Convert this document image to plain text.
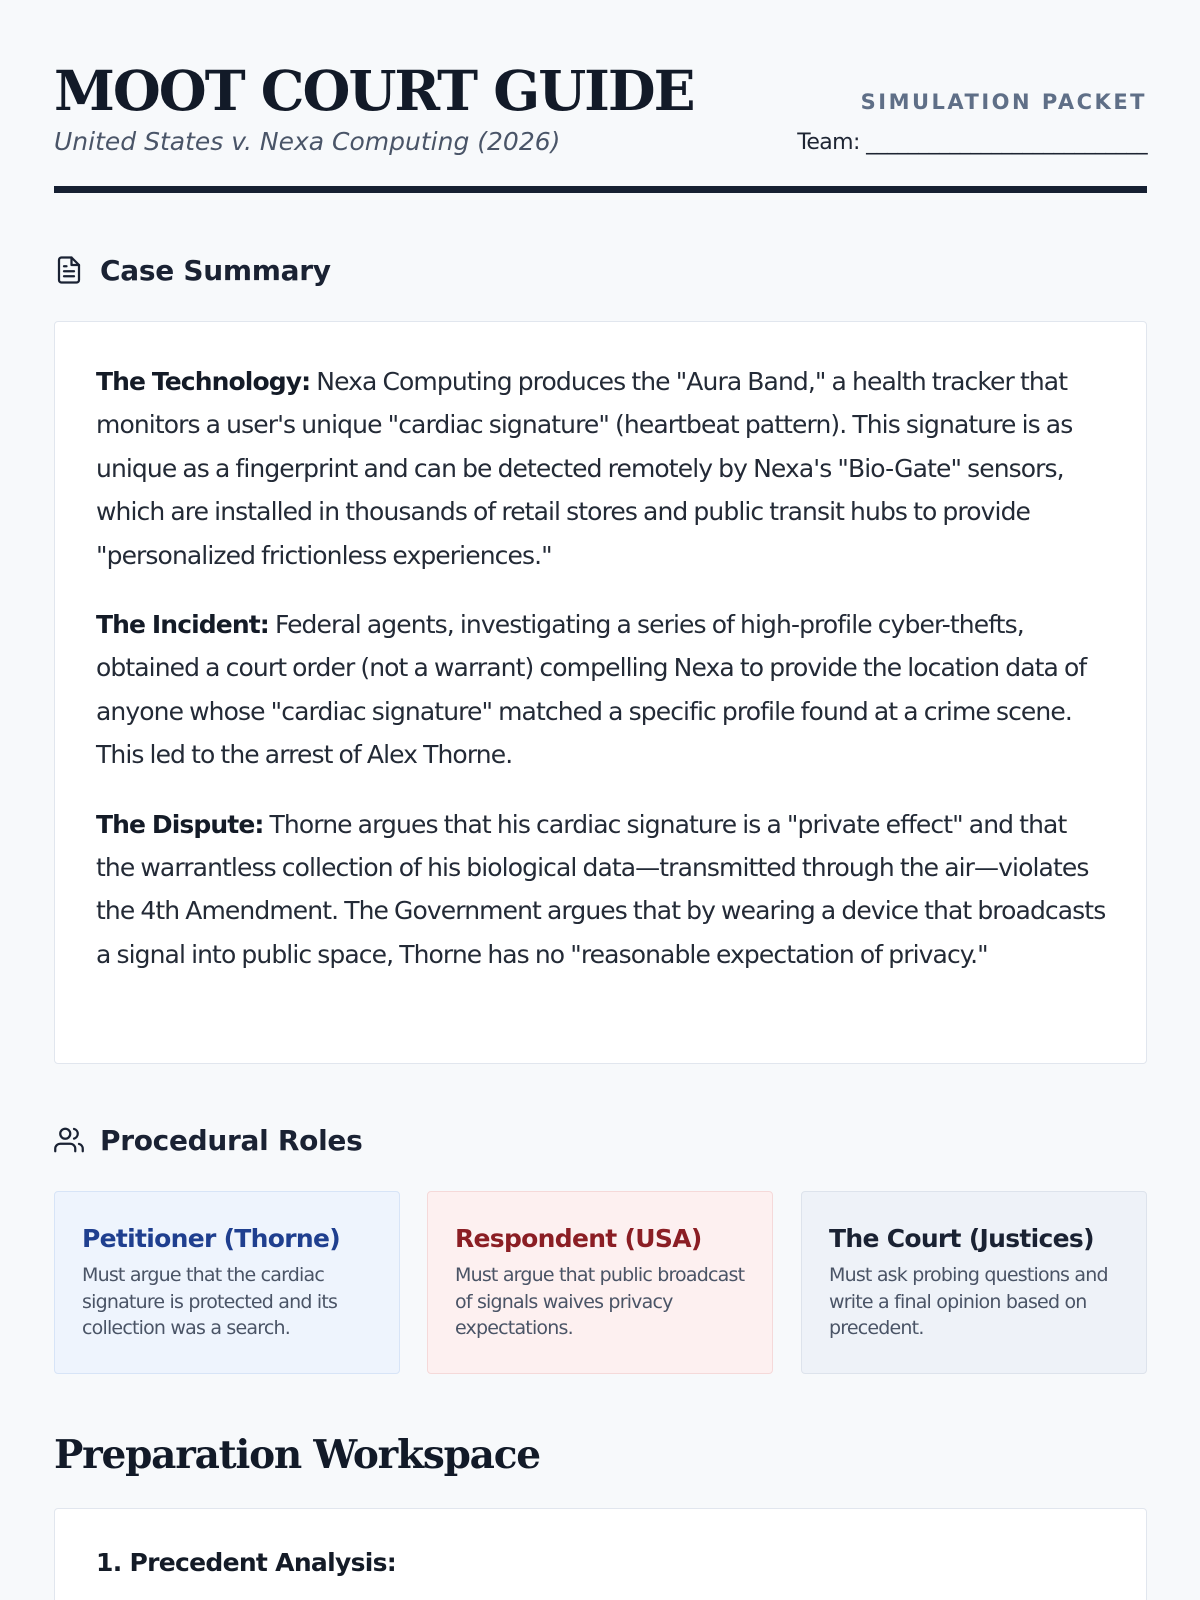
MOOT COURT GUIDE
United States v. Nexa Computing (2026)
SIMULATION PACKET
Team: ___________________________
Case Summary

The Technology: Nexa Computing produces the "Aura Band," a health tracker that monitors a user's unique "cardiac signature" (heartbeat pattern). This signature is as unique as a fingerprint and can be detected remotely by Nexa's "Bio-Gate" sensors, which are installed in thousands of retail stores and public transit hubs to provide "personalized frictionless experiences."

The Incident: Federal agents, investigating a series of high-profile cyber-thefts, obtained a court order (not a warrant) compelling Nexa to provide the location data of anyone whose "cardiac signature" matched a specific profile found at a crime scene. This led to the arrest of Alex Thorne.

The Dispute: Thorne argues that his cardiac signature is a "private effect" and that the warrantless collection of his biological data—transmitted through the air—violates the 4th Amendment. The Government argues that by wearing a device that broadcasts a signal into public space, Thorne has no "reasonable expectation of privacy."

Procedural Roles
Petitioner (Thorne)
Must argue that the cardiac signature is protected and its collection was a search.
Respondent (USA)
Must argue that public broadcast of signals waives privacy expectations.
The Court (Justices)
Must ask probing questions and write a final opinion based on precedent.
Preparation Workspace
1. Precedent Analysis:
